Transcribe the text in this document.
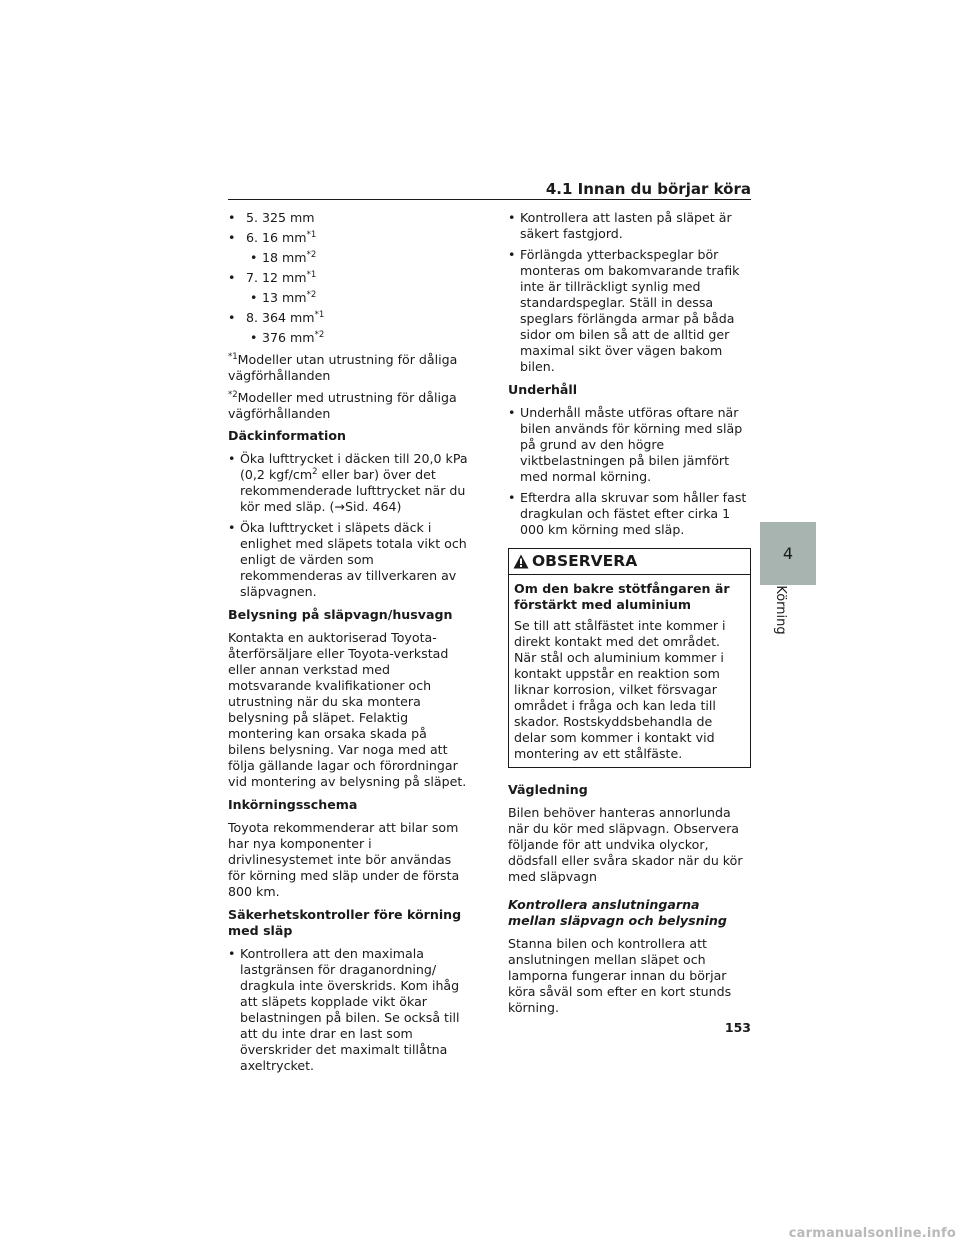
4.1 Innan du börjar köra
• 5. 325 mm
• 6. 16 $mm^{*1}$
• 18 $mm^{*2}$
• 7. 12 $mm^{*1}$
• 13 $mm^{*2}$
• 8. 364 $mm^{*1}$
• 376 $mm^{*2}$

$^{*1}$Modeller utan utrustning för dåliga vägförhållanden

$^{*2}$Modeller med utrustning för dåliga vägförhållanden

Däckinformation
• Öka lufttrycket i däcken till 20,0 kPa (0,2 kgf/$cm^2$ eller bar) över det rekommenderade lufttrycket när du kör med släp. (→Sid. 464)
• Öka lufttrycket i släpets däck i enlighet med släpets totala vikt och enligt de värden som rekommenderas av tillverkaren av släpvagnen.
Belysning på släpvagn/husvagn

Kontakta en auktoriserad Toyota-återförsäljare eller Toyota-verkstad eller annan verkstad med motsvarande kvalifikationer och utrustning när du ska montera belysning på släpet. Felaktig montering kan orsaka skada på bilens belysning. Var noga med att följa gällande lagar och förordningar vid montering av belysning på släpet.

Inkörningsschema

Toyota rekommenderar att bilar som har nya komponenter i drivlinesystemet inte bör användas för körning med släp under de första 800 km.

Säkerhetskontroller före körning med släp
• Kontrollera att den maximala lastgränsen för draganordning/ dragkula inte överskrids. Kom ihåg att släpets kopplade vikt ökar belastningen på bilen. Se också till att du inte drar en last som överskrider det maximalt tillåtna axeltrycket.
• Kontrollera att lasten på släpet är säkert fastgjord.
• Förlängda ytterbackspeglar bör monteras om bakomvarande trafik inte är tillräckligt synlig med standardspeglar. Ställ in dessa speglars förlängda armar på båda sidor om bilen så att de alltid ger maximal sikt över vägen bakom bilen.
Underhåll
• Underhåll måste utföras oftare när bilen används för körning med släp på grund av den högre viktbelastningen på bilen jämfört med normal körning.
• Efterdra alla skruvar som håller fast dragkulan och fästet efter cirka 1 000 km körning med släp.
OBSERVERA
Om den bakre stötfångaren är förstärkt med aluminium

Se till att stålfästet inte kommer i direkt kontakt med det området. När stål och aluminium kommer i kontakt uppstår en reaktion som liknar korrosion, vilket försvagar området i fråga och kan leda till skador. Rostskyddsbehandla de delar som kommer i kontakt vid montering av ett stålfäste.

Vägledning

Bilen behöver hanteras annorlunda när du kör med släpvagn. Observera följande för att undvika olyckor, dödsfall eller svåra skador när du kör med släpvagn

Kontrollera anslutningarna mellan släpvagn och belysning

Stanna bilen och kontrollera att anslutningen mellan släpet och lamporna fungerar innan du börjar köra såväl som efter en kort stunds körning.

4
Körning
153
carmanualsonline.info
